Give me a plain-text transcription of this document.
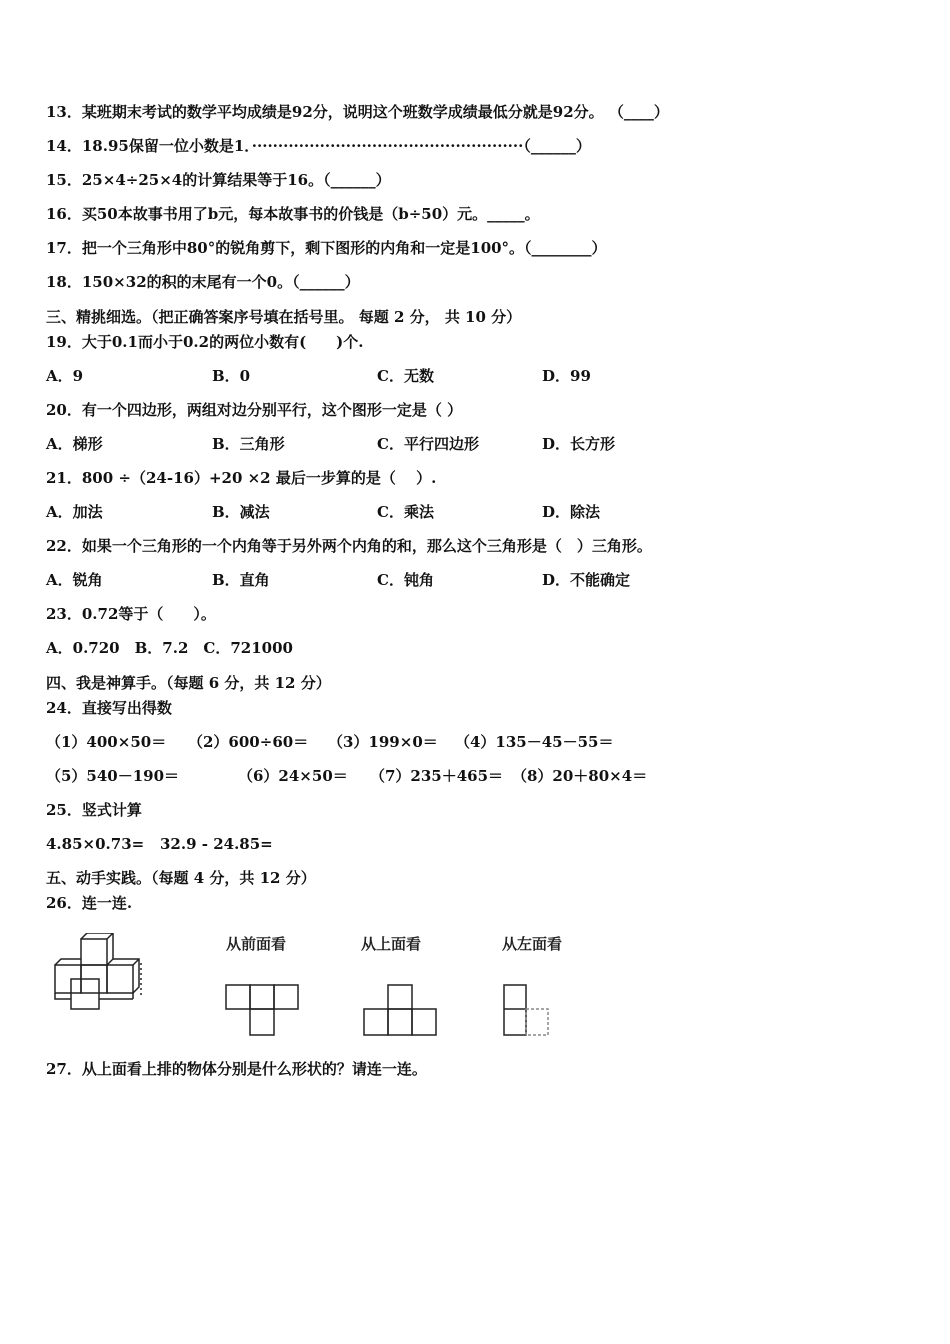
13．某班期末考试的数学平均成绩是92分，说明这个班数学成绩最低分就是92分。 （____）
14．18.95保留一位小数是1．····················································（______）
15．25×4÷25×4的计算结果等于16。（______）
16．买50本故事书用了b元，每本故事书的价钱是（b÷50）元。_____。
17．把一个三角形中80°的锐角剪下，剩下图形的内角和一定是100°。（________）
18．150×32的积的末尾有一个0。（______）
三、精挑细选。（把正确答案序号填在括号里。 每题 2 分， 共 10 分）
19．大于0.1而小于0.2的两位小数有(　　)个.
A．9	B．0	C．无数	D．99
20．有一个四边形，两组对边分别平行，这个图形一定是（ ）
A．梯形	B．三角形	C．平行四边形	D．长方形
21．800 ÷（24-16）+20 ×2 最后一步算的是（　 ）.
A．加法	B．减法	C．乘法	D．除法
22．如果一个三角形的一个内角等于另外两个内角的和，那么这个三角形是（　）三角形。
A．锐角	B．直角	C．钝角	D．不能确定
23．0.72等于（　　）。
A．0.720　B．7.2　C．721000
四、我是神算手。（每题 6 分，共 12 分）
24．直接写出得数
（1）400×50＝ （2）600÷60＝ （3）199×0＝ （4）135－45－55＝
（5）540－190＝	（6）24×50＝ （7）235＋465＝ （8）20＋80×4＝
25．竖式计算
4.85×0.73= 32.9 - 24.85=
五、动手实践。（每题 4 分，共 12 分）
26．连一连.
从前面看	从上面看	从左面看
27．从上面看上排的物体分别是什么形状的？请连一连。
